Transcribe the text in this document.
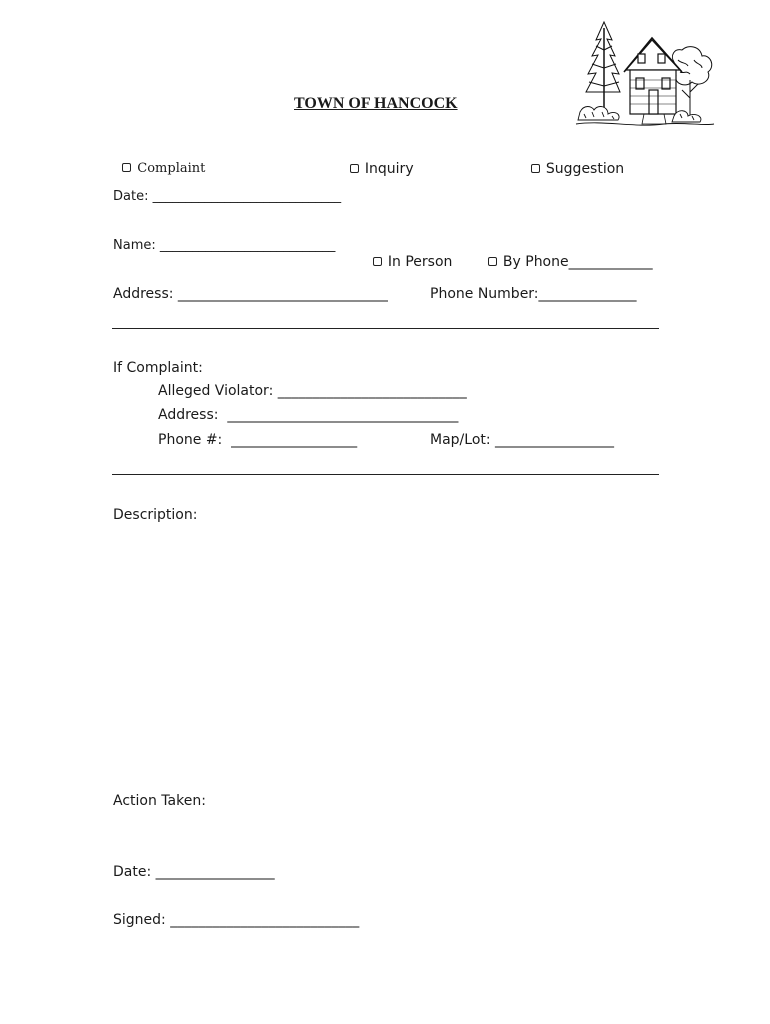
TOWN OF HANCOCK

Complaint	Inquiry	Suggestion

Date: _____________________________
Name: ___________________________

In Person	By Phone____________

Address: ______________________________	Phone Number:______________
If Complaint:
Alleged Violator: ___________________________
Address:  _________________________________
Phone #:  __________________	Map/Lot: _________________
Description:
Action Taken:
Date: _________________
Signed: ___________________________
